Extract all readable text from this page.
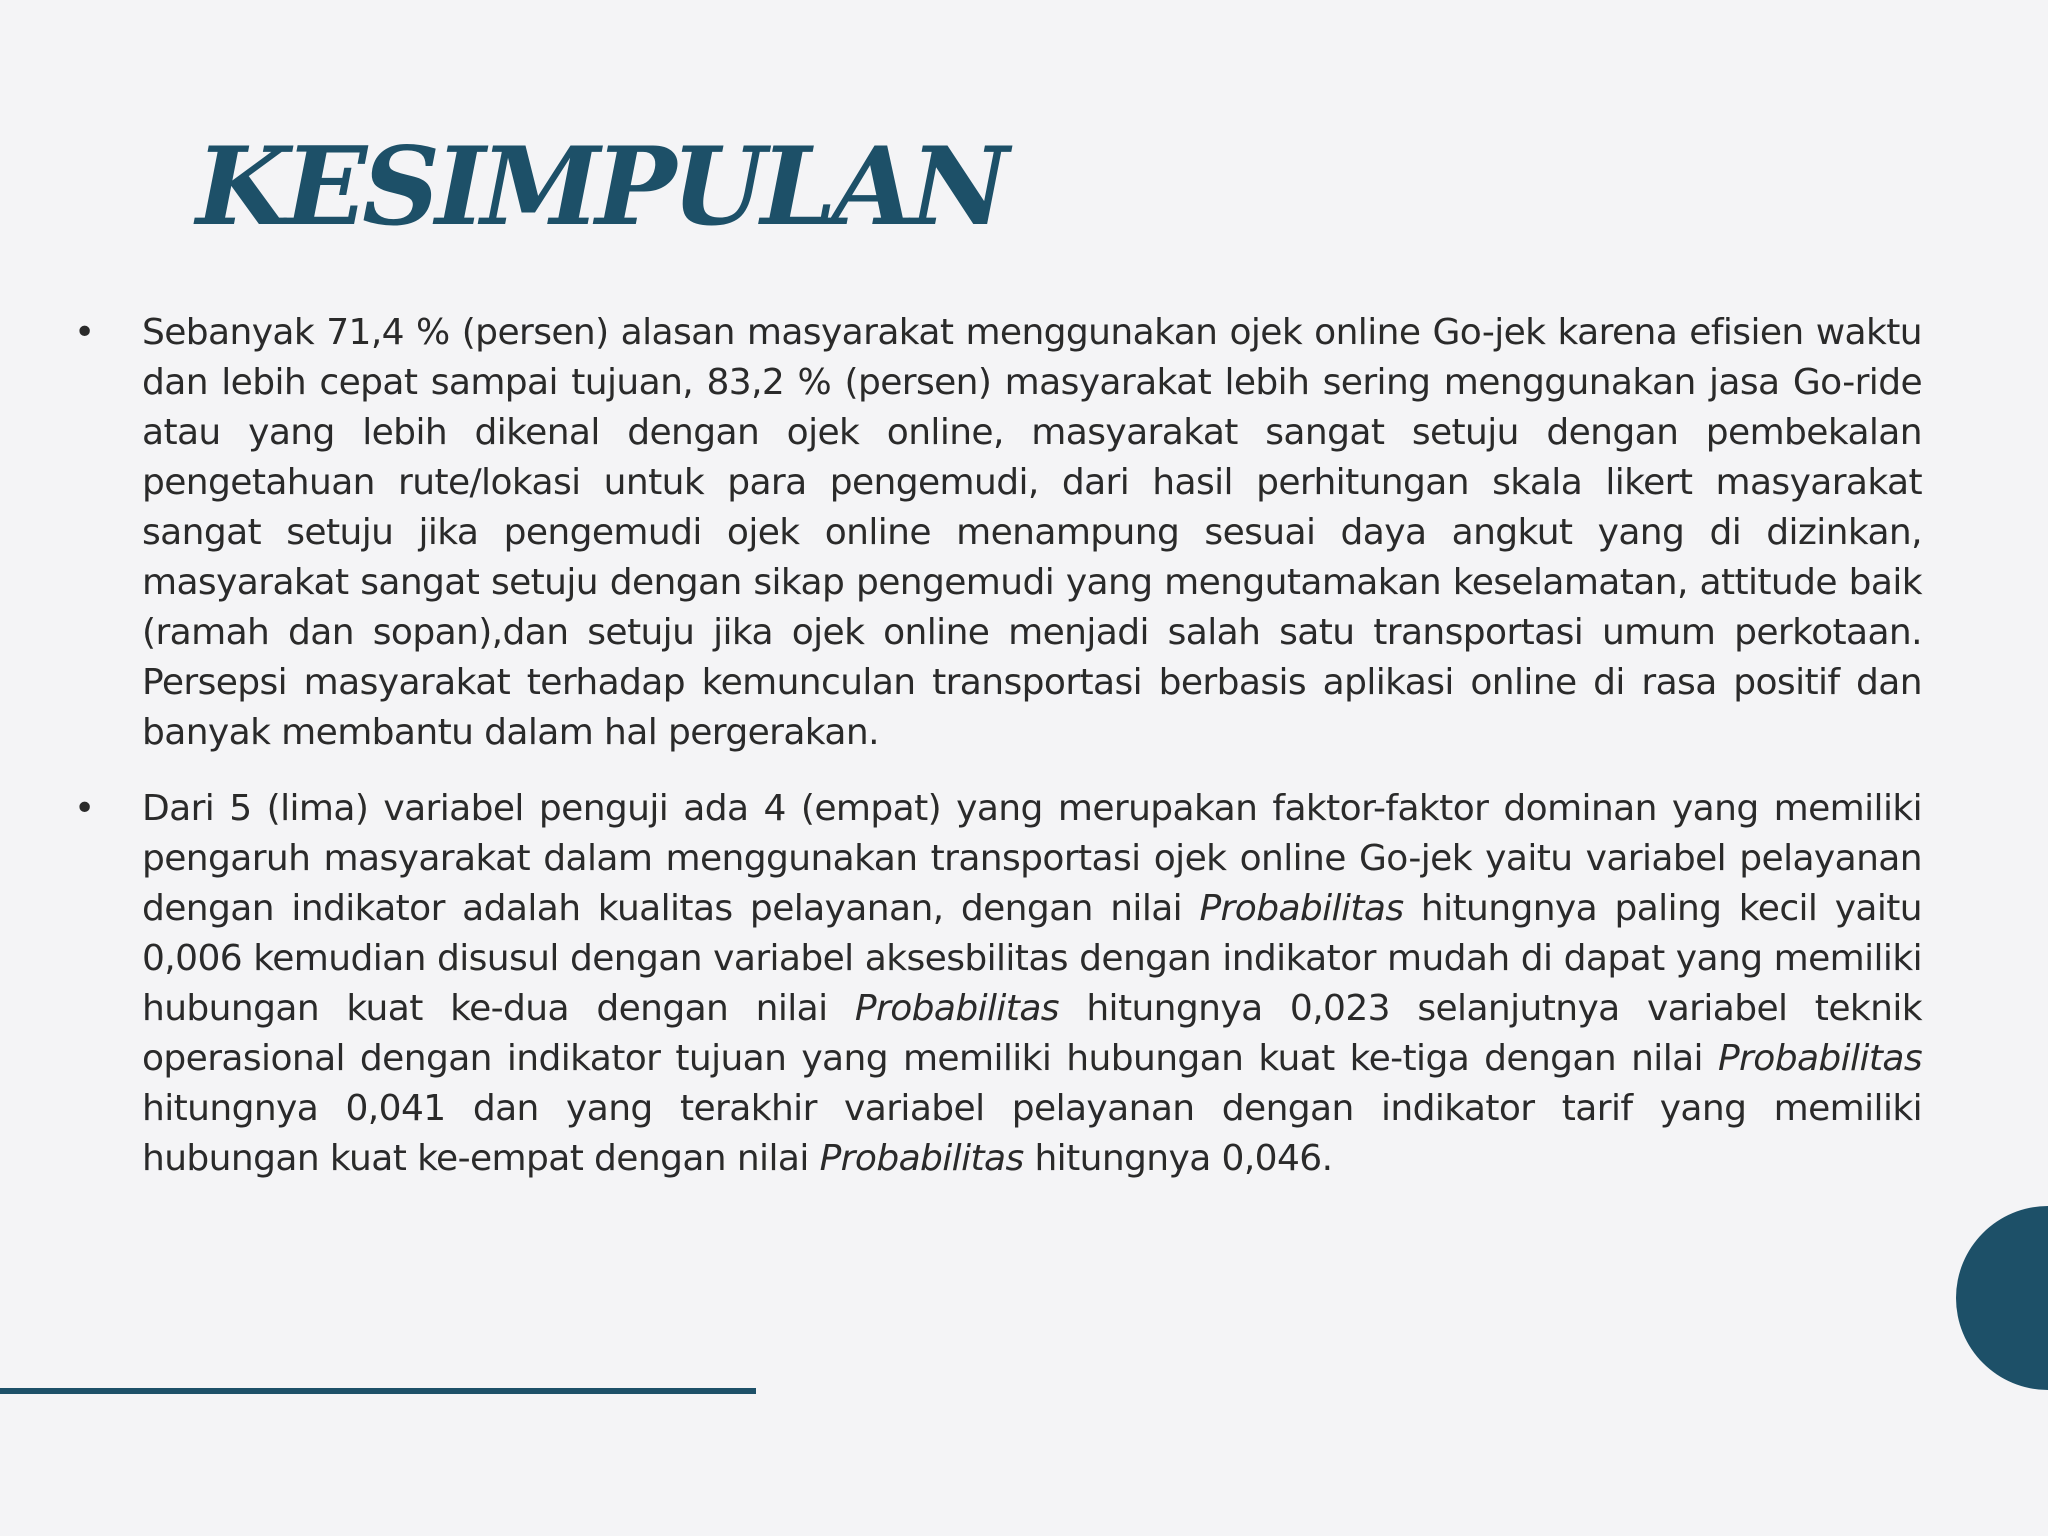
KESIMPULAN
• Sebanyak 71,4 % (persen) alasan masyarakat menggunakan ojek online Go-jek karena efisien waktu dan lebih cepat sampai tujuan, 83,2 % (persen) masyarakat lebih sering menggunakan jasa Go-ride atau yang lebih dikenal dengan ojek online, masyarakat sangat setuju dengan pembekalan pengetahuan rute/lokasi untuk para pengemudi, dari hasil perhitungan skala likert masyarakat sangat setuju jika pengemudi ojek online menampung sesuai daya angkut yang di dizinkan, masyarakat sangat setuju dengan sikap pengemudi yang mengutamakan keselamatan, attitude baik (ramah dan sopan),dan setuju jika ojek online menjadi salah satu transportasi umum perkotaan. Persepsi masyarakat terhadap kemunculan transportasi berbasis aplikasi online di rasa positif dan banyak membantu dalam hal pergerakan.
• Dari 5 (lima) variabel penguji ada 4 (empat) yang merupakan faktor-faktor dominan yang memiliki pengaruh masyarakat dalam menggunakan transportasi ojek online Go-jek yaitu variabel pelayanan dengan indikator adalah kualitas pelayanan, dengan nilai Probabilitas hitungnya paling kecil yaitu 0,006 kemudian disusul dengan variabel aksesbilitas dengan indikator mudah di dapat yang memiliki hubungan kuat ke-dua dengan nilai Probabilitas hitungnya 0,023 selanjutnya variabel teknik operasional dengan indikator tujuan yang memiliki hubungan kuat ke-tiga dengan nilai Probabilitas hitungnya 0,041 dan yang terakhir variabel pelayanan dengan indikator tarif yang memiliki hubungan kuat ke-empat dengan nilai Probabilitas hitungnya 0,046.
